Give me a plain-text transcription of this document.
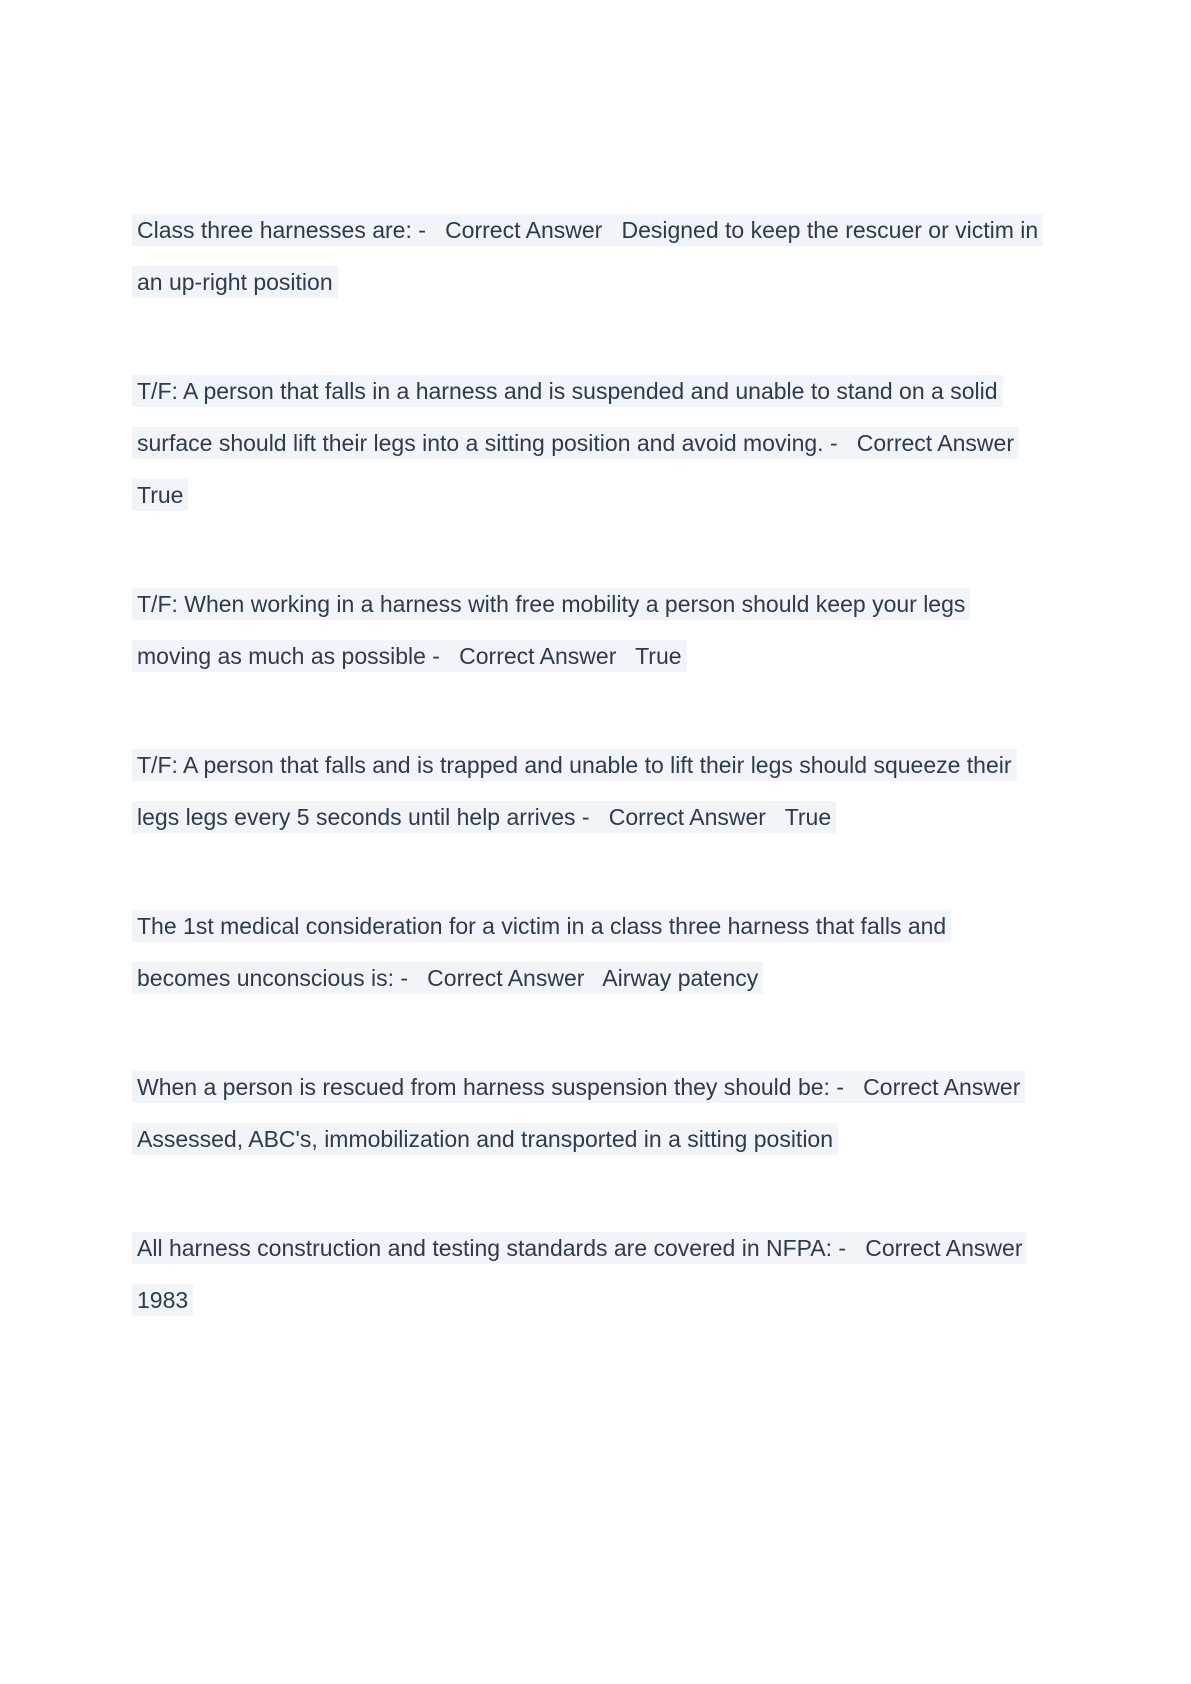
Class three harnesses are: -   Correct Answer   Designed to keep the rescuer or victim in
an up-right position

T/F: A person that falls in a harness and is suspended and unable to stand on a solid
surface should lift their legs into a sitting position and avoid moving. -   Correct Answer
True

T/F: When working in a harness with free mobility a person should keep your legs
moving as much as possible -   Correct Answer   True

T/F: A person that falls and is trapped and unable to lift their legs should squeeze their
legs legs every 5 seconds until help arrives -   Correct Answer   True

The 1st medical consideration for a victim in a class three harness that falls and
becomes unconscious is: -   Correct Answer   Airway patency

When a person is rescued from harness suspension they should be: -   Correct Answer
Assessed, ABC's, immobilization and transported in a sitting position

All harness construction and testing standards are covered in NFPA: -   Correct Answer
1983
